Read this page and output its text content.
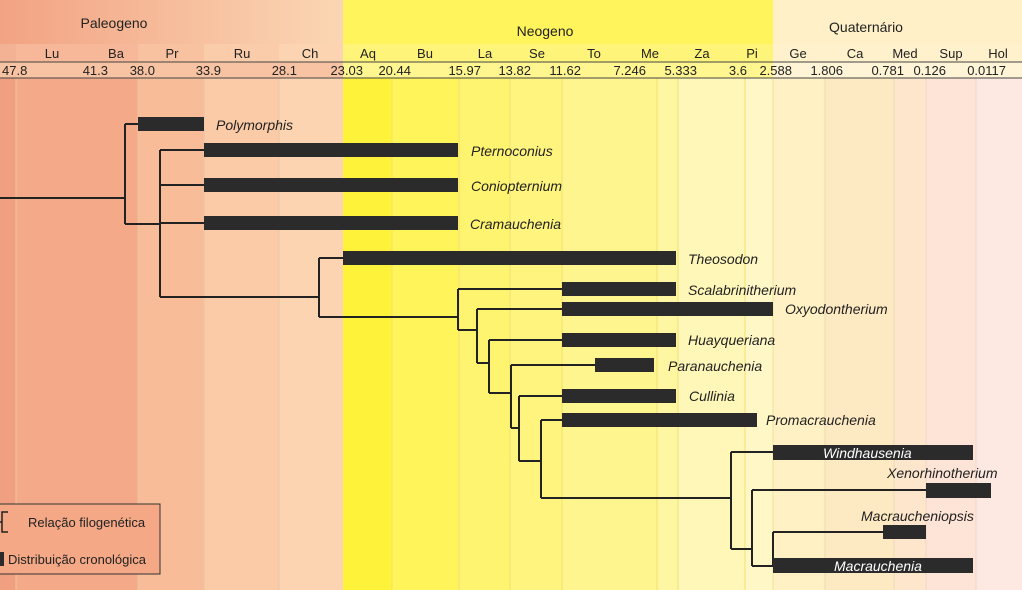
Paleogeno	Neogeno	Quaternário
Lu	Ba	Pr	Ru	Ch	Aq	Bu	La	Se	To	Me	Za	Pi Ge	Ca Med Sup Hol
47.8	41.3 38.0	33.9	28.1	23.03 20.44	15.97 13.82 11.62 7.246 5.333 3.6 2.588 1.806 0.781 0.126 0.0117
Polymorphis
Pternoconius
Coniopternium
Cramauchenia
Theosodon
Scalabrinitherium
Oxyodontherium
Huayqueriana
Paranauchenia
Cullinia
Promacrauchenia
Windhausenia
Xenorhinotherium
Macraucheniopsis
Macrauchenia
Relação filogenética
Distribuição cronológica
